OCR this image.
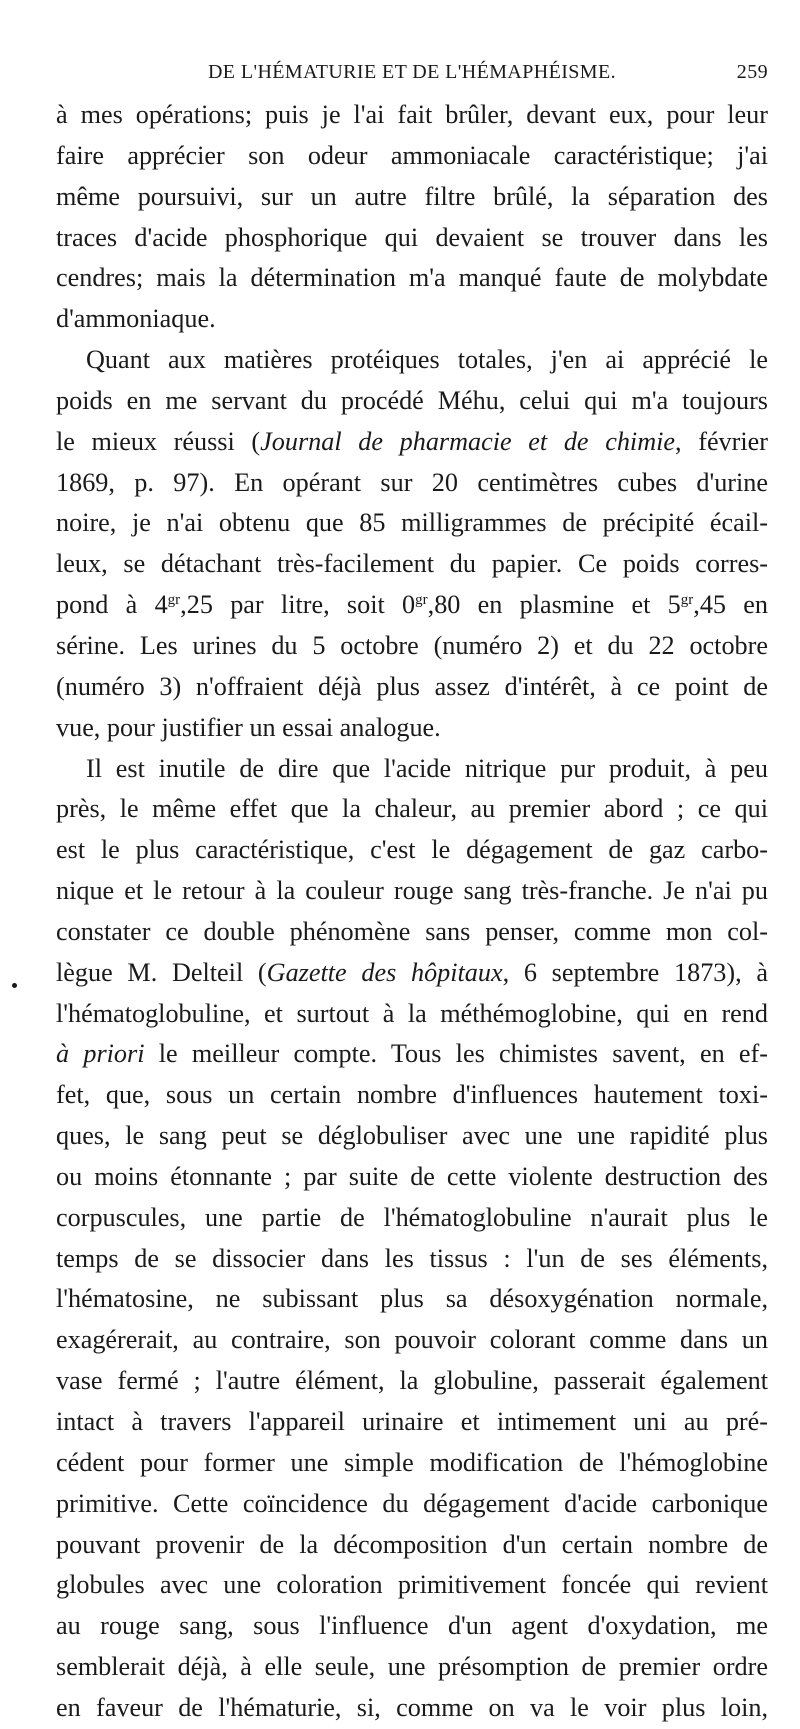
DE L'HÉMATURIE ET DE L'HÉMAPHÉISME.	259
à mes opérations; puis je l'ai fait brûler, devant eux, pour leur
faire apprécier son odeur ammoniacale caractéristique; j'ai
même poursuivi, sur un autre filtre brûlé, la séparation des
traces d'acide phosphorique qui devaient se trouver dans les
cendres; mais la détermination m'a manqué faute de molybdate
d'ammoniaque.
Quant aux matières protéiques totales, j'en ai apprécié le
poids en me servant du procédé Méhu, celui qui m'a toujours
le mieux réussi (Journal de pharmacie et de chimie, février
1869, p. 97). En opérant sur 20 centimètres cubes d'urine
noire, je n'ai obtenu que 85 milligrammes de précipité écail-
leux, se détachant très-facilement du papier. Ce poids corres-
pond à $4^{gr},25$ par litre, soit $0^{gr},80$ en plasmine et $5^{gr},45$ en
sérine. Les urines du 5 octobre (numéro 2) et du 22 octobre
(numéro 3) n'offraient déjà plus assez d'intérêt, à ce point de
vue, pour justifier un essai analogue.
Il est inutile de dire que l'acide nitrique pur produit, à peu
près, le même effet que la chaleur, au premier abord ; ce qui
est le plus caractéristique, c'est le dégagement de gaz carbo-
nique et le retour à la couleur rouge sang très-franche. Je n'ai pu
constater ce double phénomène sans penser, comme mon col-
lègue M. Delteil (Gazette des hôpitaux, 6 septembre 1873), à
l'hématoglobuline, et surtout à la méthémoglobine, qui en rend
à priori le meilleur compte. Tous les chimistes savent, en ef-
fet, que, sous un certain nombre d'influences hautement toxi-
ques, le sang peut se déglobuliser avec une une rapidité plus
ou moins étonnante ; par suite de cette violente destruction des
corpuscules, une partie de l'hématoglobuline n'aurait plus le
temps de se dissocier dans les tissus : l'un de ses éléments,
l'hématosine, ne subissant plus sa désoxygénation normale,
exagérerait, au contraire, son pouvoir colorant comme dans un
vase fermé ; l'autre élément, la globuline, passerait également
intact à travers l'appareil urinaire et intimement uni au pré-
cédent pour former une simple modification de l'hémoglobine
primitive. Cette coïncidence du dégagement d'acide carbonique
pouvant provenir de la décomposition d'un certain nombre de
globules avec une coloration primitivement foncée qui revient
au rouge sang, sous l'influence d'un agent d'oxydation, me
semblerait déjà, à elle seule, une présomption de premier ordre
en faveur de l'hématurie, si, comme on va le voir plus loin,
